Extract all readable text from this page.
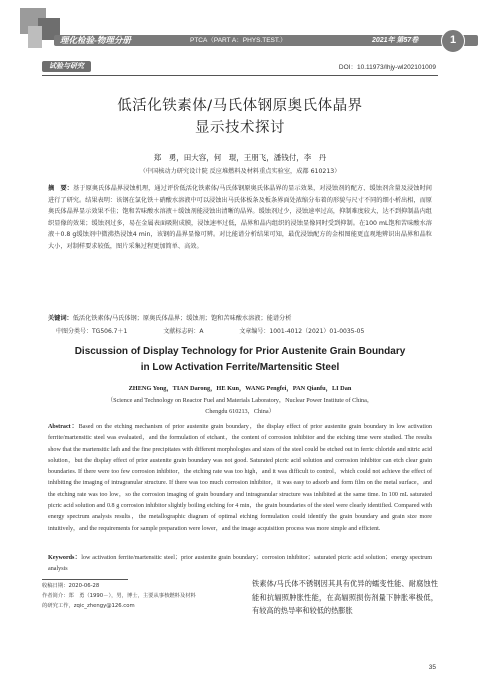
理化检验-物理分册	PTCA（PART A：PHYS.TEST.）	2021年 第57卷	1
试验与研究	DOI：10.11973/lhjy-wl202101009
低活化铁素体/马氏体钢原奥氏体晶界
显示技术探讨
郑　勇，田大容，何　琨，王朋飞，潘钱付，李　丹
（中国核动力研究设计院 反应堆燃料及材料重点实验室，成都 610213）
摘　要：基于原奥氏体晶界浸蚀机理，通过评价低活化铁素体/马氏体钢原奥氏体晶界的显示效果，对浸蚀剂的配方、缓蚀剂含量及浸蚀时间进行了研究。结果表明：该钢在氯化铁＋硝酸水溶液中可以浸蚀出马氏体板条及板条界面处浓缩分布着的形貌与尺寸不同的细小析出相，而原奥氏体晶界显示效果不佳；饱和苦味酸水溶液＋缓蚀剂能浸蚀出清晰的晶界。缓蚀剂过少，浸蚀速率过高，抑制难度较大，达不到抑制晶内组织显像的效果；缓蚀剂过多，易在金属表面吸附成膜，浸蚀速率过低，晶界和晶内组织的浸蚀显像同时受到抑制。在100 mL饱和苦味酸水溶液＋0.8 g缓蚀剂中微沸热浸蚀4 min，该钢的晶界显像可辨。对比能谱分析结果可知，最优浸蚀配方的金相图能更直观地辨识出晶界和晶粒大小，对制样要求较低，图片采集过程更加简单、高效。
关键词：低活化铁素体/马氏体钢；原奥氏体晶界；缓蚀剂；饱和苦味酸水溶液；能谱分析
中图分类号：TG506.7＋1	文献标志码：A	文章编号：1001-4012（2021）01-0035-05
Discussion of Display Technology for Prior Austenite Grain Boundary
in Low Activation Ferrite/Martensitic Steel
ZHENG Yong，TIAN Darong，HE Kun，WANG Pengfei，PAN Qianfu，LI Dan
（Science and Technology on Reactor Fuel and Materials Laboratory，Nuclear Power Institute of China，
Chengdu 610213，China）
Abstract：Based on the etching mechanism of prior austenite grain boundary，the display effect of prior austenite grain boundary in low activation ferrite/martensitic steel was evaluated，and the formulation of etchant，the content of corrosion inhibitor and the etching time were studied. The results show that the martensitic lath and the fine precipitates with different morphologies and sizes of the steel could be etched out in ferric chloride and nitric acid solution，but the display effect of prior austenite grain boundary was not good. Saturated picric acid solution and corrosion inhibitor can etch clear grain boundaries. If there were too few corrosion inhibitor，the etching rate was too high，and it was difficult to control，which could not achieve the effect of inhibiting the imaging of intragranular structure. If there was too much corrosion inhibitor，it was easy to adsorb and form film on the metal surface，and the etching rate was too low，so the corrosion imaging of grain boundary and intragranular structure was inhibited at the same time. In 100 mL saturated picric acid solution and 0.8 g corrosion inhibitor slightly boiling etching for 4 min，the grain boundaries of the steel were clearly identified. Compared with energy spectrum analysis results，the metallographic diagram of optimal etching formulation could identify the grain boundary and grain size more intuitively，and the requirements for sample preparation were lower，and the image acquisition process was more simple and efficient.
Keywords：low activation ferrite/martensitic steel；prior austenite grain boundary；corrosion inhibitor；saturated picric acid solution；energy spectrum analysis
收稿日期：2020-06-28
作者简介：郑　勇（1990－），男，博士，主要从事核燃料及材料
的研究工作，zqic_zhengy@126.com
铁素体/马氏体不锈钢因其具有优异的蠕变性能、耐腐蚀性能和抗辐照肿胀性能，在高辐照损伤剂量下肿胀率极低，有较高的热导率和较低的热膨胀
35
